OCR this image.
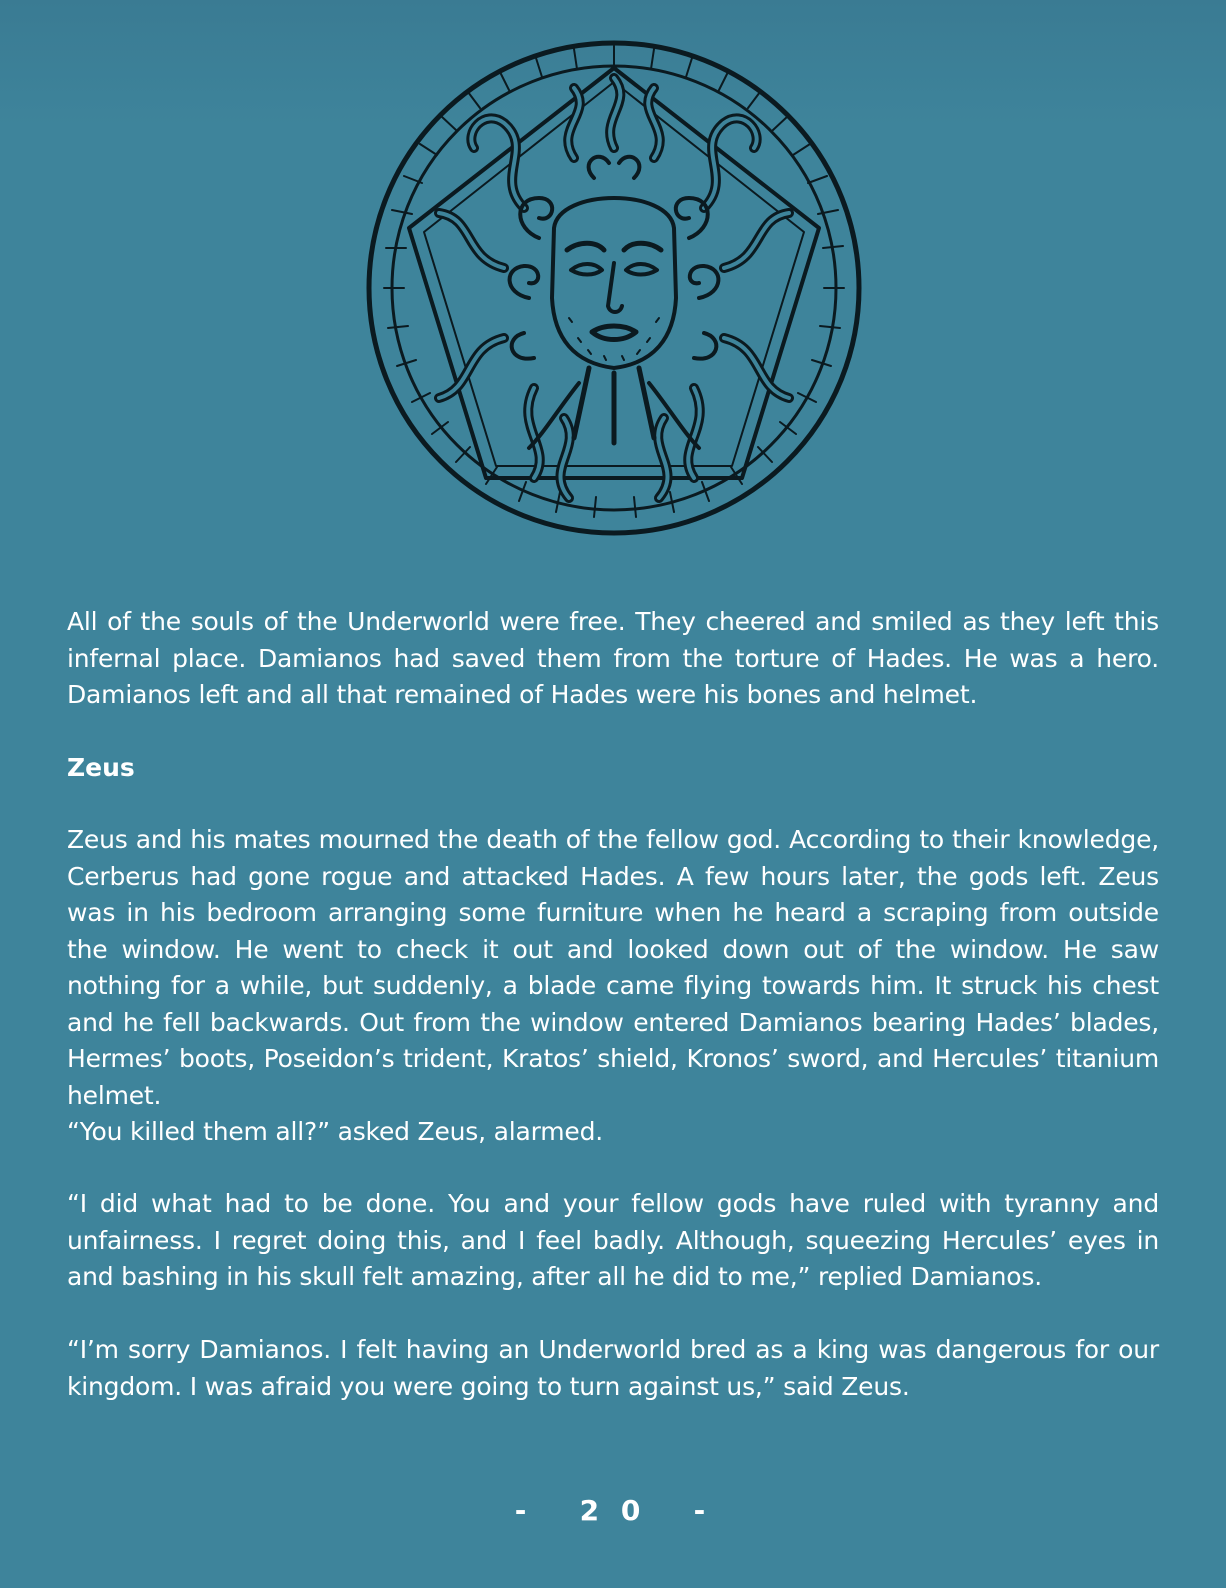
All of the souls of the Underworld were free. They cheered and smiled as they left this infernal place. Damianos had saved them from the torture of Hades. He was a hero. Damianos left and all that remained of Hades were his bones and helmet.
Zeus
Zeus and his mates mourned the death of the fellow god. According to their knowledge, Cerberus had gone rogue and attacked Hades. A few hours later, the gods left. Zeus was in his bedroom arranging some furniture when he heard a scraping from outside the window. He went to check it out and looked down out of the window. He saw nothing for a while, but suddenly, a blade came flying towards him. It struck his chest and he fell backwards. Out from the window entered Damianos bearing Hades’ blades, Hermes’ boots, Poseidon’s trident, Kratos’ shield, Kronos’ sword, and Hercules’ titanium helmet.
“You killed them all?” asked Zeus, alarmed.
“I did what had to be done. You and your fellow gods have ruled with tyranny and unfairness. I regret doing this, and I feel badly. Although, squeezing Hercules’ eyes in and bashing in his skull felt amazing, after all he did to me,” replied Damianos.
“I’m sorry Damianos. I felt having an Underworld bred as a king was dangerous for our kingdom. I was afraid you were going to turn against us,” said Zeus.
-   2 0   -
